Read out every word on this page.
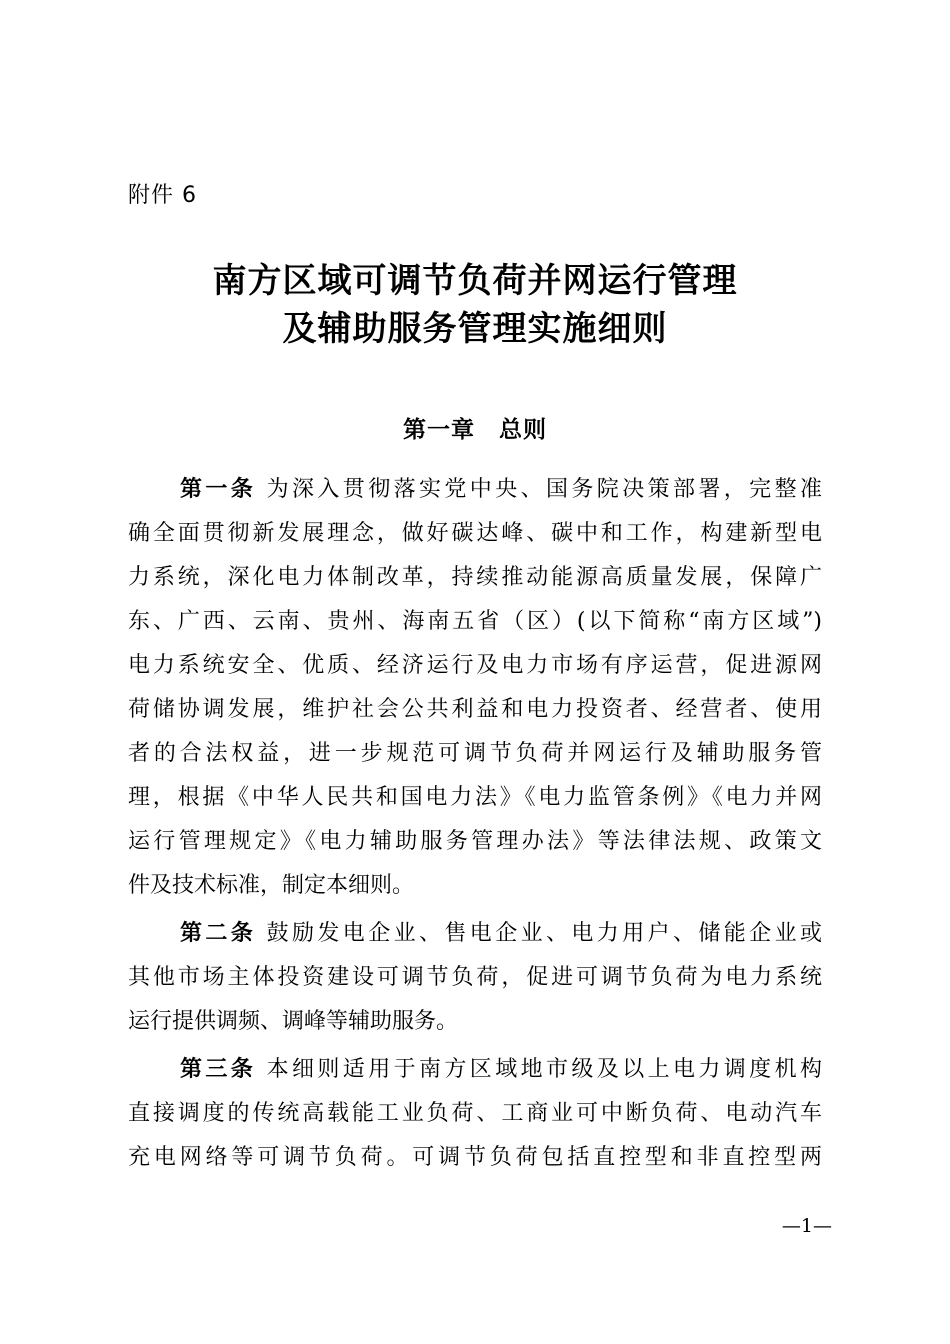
附件 6
南方区域可调节负荷并网运行管理
及辅助服务管理实施细则
第一章　总则
第一条 为深入贯彻落实党中央、国务院决策部署，完整准
确全面贯彻新发展理念，做好碳达峰、碳中和工作，构建新型电
力系统，深化电力体制改革，持续推动能源高质量发展，保障广
东、广西、云南、贵州、海南五省（区）(以下简称“南方区域”)
电力系统安全、优质、经济运行及电力市场有序运营，促进源网
荷储协调发展，维护社会公共利益和电力投资者、经营者、使用
者的合法权益，进一步规范可调节负荷并网运行及辅助服务管
理，根据《中华人民共和国电力法》《电力监管条例》《电力并网
运行管理规定》《电力辅助服务管理办法》等法律法规、政策文
件及技术标准，制定本细则。
第二条 鼓励发电企业、售电企业、电力用户、储能企业或
其他市场主体投资建设可调节负荷，促进可调节负荷为电力系统
运行提供调频、调峰等辅助服务。
第三条 本细则适用于南方区域地市级及以上电力调度机构
直接调度的传统高载能工业负荷、工商业可中断负荷、电动汽车
充电网络等可调节负荷。可调节负荷包括直控型和非直控型两
—1—
